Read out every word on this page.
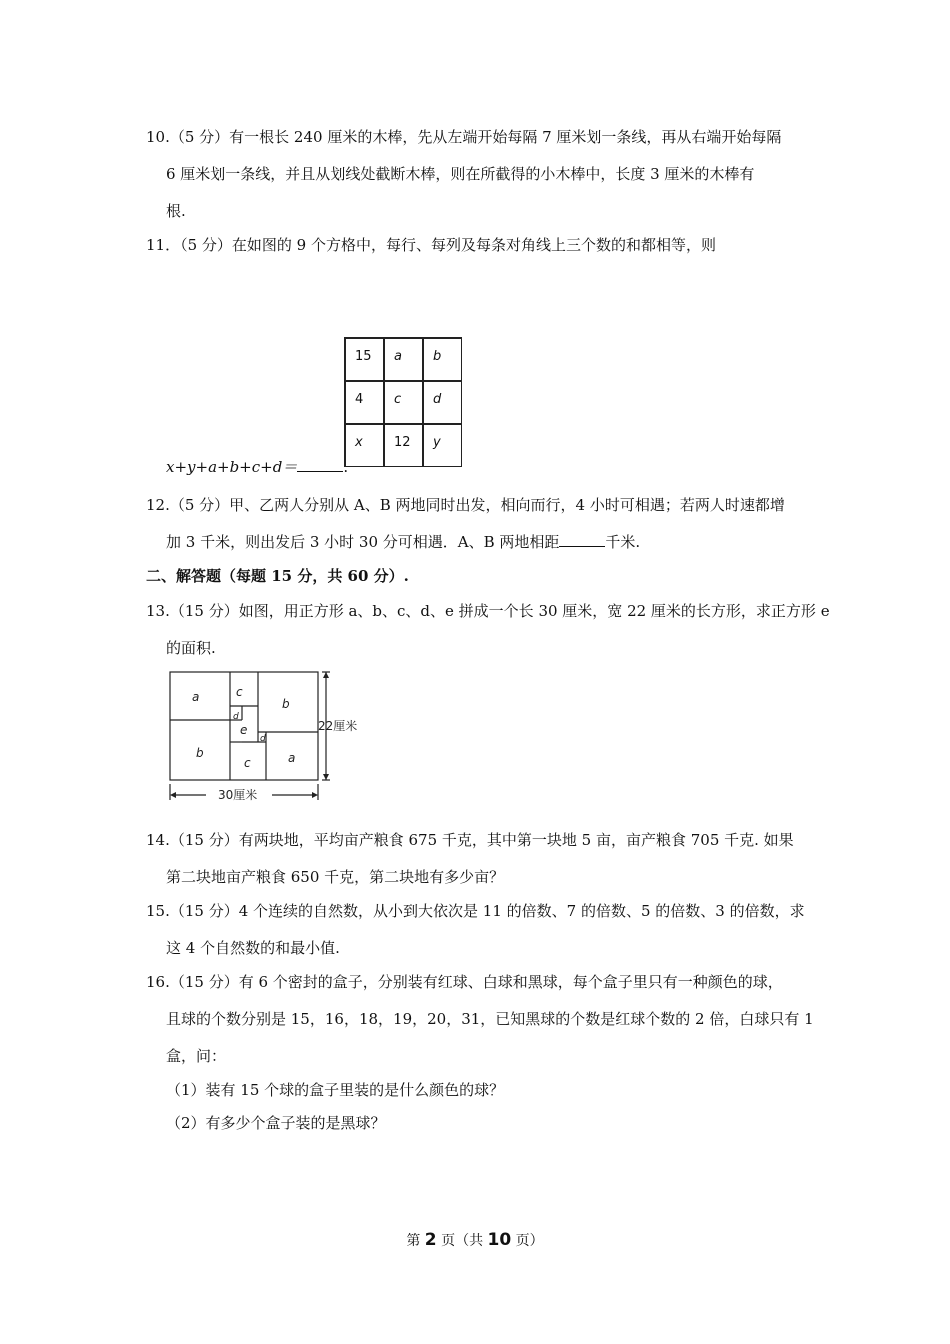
10.（5 分）有一根长 240 厘米的木棒，先从左端开始每隔 7 厘米划一条线，再从右端开始每隔
6 厘米划一条线，并且从划线处截断木棒，则在所截得的小木棒中，长度 3 厘米的木棒有
根.
11．（5 分）在如图的 9 个方格中，每行、每列及每条对角线上三个数的和都相等，则
15 a b
4 c d
x 12 y
x+y+a+b+c+d＝	.
12.（5 分）甲、乙两人分别从 A、B 两地同时出发，相向而行，4 小时可相遇；若两人时速都增
加 3 千米，则出发后 3 小时 30 分可相遇．A、B 两地相距	千米.
二、解答题（每题 15 分，共 60 分）.
13.（15 分）如图，用正方形 a、b、c、d、e 拼成一个长 30 厘米，宽 22 厘米的长方形，求正方形 e
的面积.
a	c
b
d
e
d
b
c	a
22厘米
30厘米
14.（15 分）有两块地，平均亩产粮食 675 千克，其中第一块地 5 亩，亩产粮食 705 千克. 如果
第二块地亩产粮食 650 千克，第二块地有多少亩？
15.（15 分）4 个连续的自然数，从小到大依次是 11 的倍数、7 的倍数、5 的倍数、3 的倍数，求
这 4 个自然数的和最小值.
16.（15 分）有 6 个密封的盒子，分别装有红球、白球和黑球，每个盒子里只有一种颜色的球，
且球的个数分别是 15，16，18，19，20，31，已知黑球的个数是红球个数的 2 倍，白球只有 1
盒，问：
（1）装有 15 个球的盒子里装的是什么颜色的球？
（2）有多少个盒子装的是黑球？
第 2 页（共 10 页）
